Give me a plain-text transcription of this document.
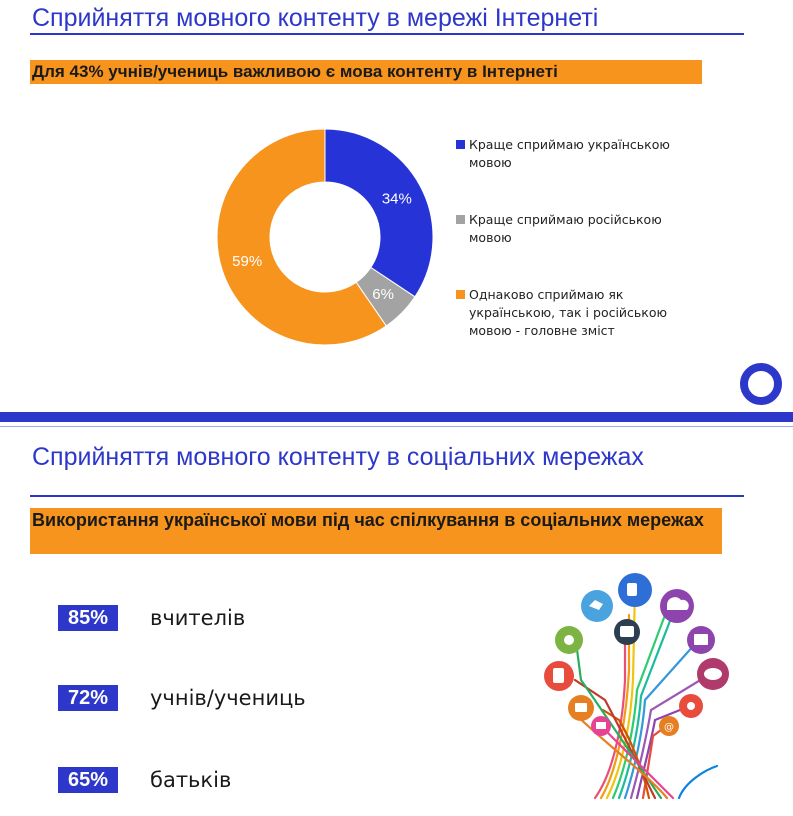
Сприйняття мовного контенту в мережі Інтернеті
Для 43% учнів/учениць важливою є мова контенту в Інтернеті
34%
6%
59%
Краще сприймаю українською мовою
Краще сприймаю російською мовою
Однаково сприймаю як українською, так і російською мовою - головне зміст
Сприйняття мовного контенту в соціальних мережах
Використання української мови під час спілкування в соціальних мережах
85%	вчителів
72%	учнів/учениць
65%	батьків
@
